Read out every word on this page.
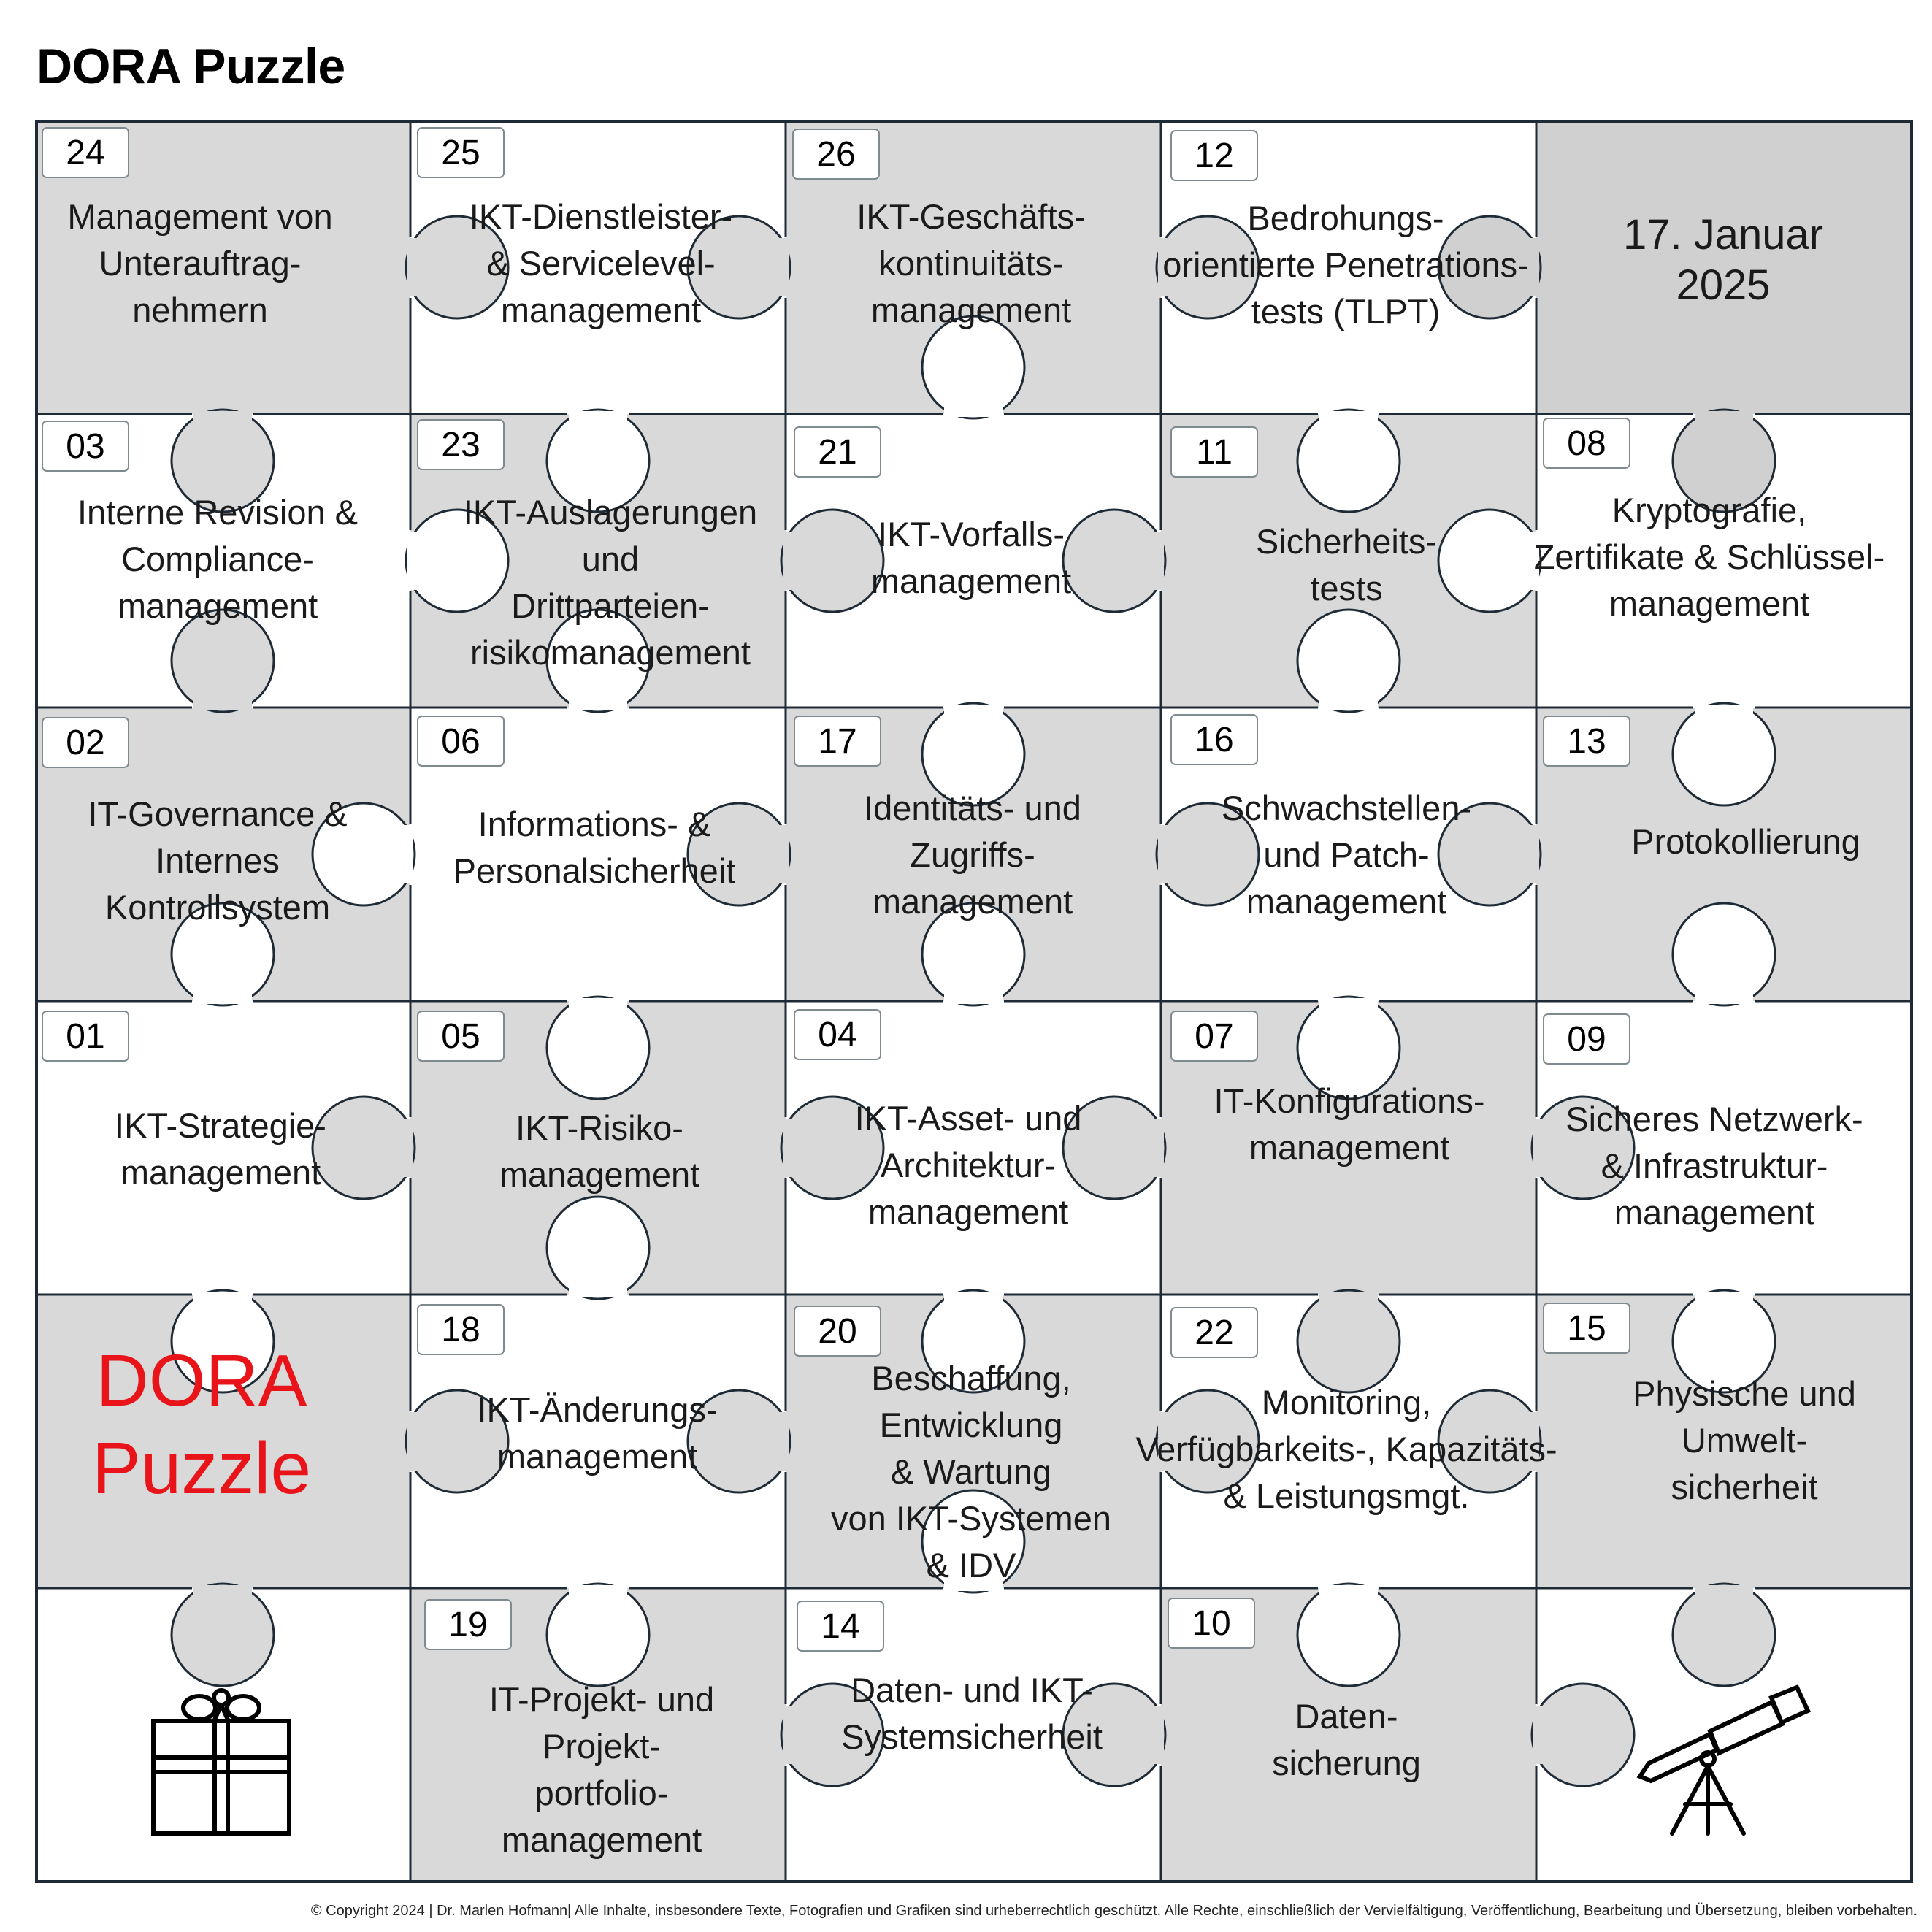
DORA Puzzle
24
Management von
Unterauftrag-
nehmern
25
IKT-Dienstleister-
& Servicelevel-
management
26
IKT-Geschäfts-
kontinuitäts-
management
12
Bedrohungs-
orientierte Penetrations-
tests (TLPT)
03
Interne Revision &
Compliance-
management
23
IKT-Auslagerungen
und
Drittparteien-
risikomanagement
21
IKT-Vorfalls-
management
11
Sicherheits-
tests
08
Kryptografie,
Zertifikate & Schlüssel-
management
02
IT-Governance &
Internes
Kontrollsystem
06
Informations- &
Personalsicherheit
17
Identitäts- und
Zugriffs-
management
16
Schwachstellen-
und Patch-
management
13
Protokollierung
01
IKT-Strategie-
management
05
IKT-Risiko-
management
04
IKT-Asset- und
Architektur-
management
07
IT-Konfigurations-
management
09
Sicheres Netzwerk-
& Infrastruktur-
management
18
IKT-Änderungs-
management
20
Beschaffung,
Entwicklung
& Wartung
von IKT-Systemen
& IDV
22
Monitoring,
Verfügbarkeits-, Kapazitäts-
& Leistungsmgt.
15
Physische und
Umwelt-
sicherheit
19
IT-Projekt- und
Projekt-
portfolio-
management
14
Daten- und IKT-
Systemsicherheit
10
Daten-
sicherung
17. Januar
2025
DORA
Puzzle
© Copyright 2024 | Dr. Marlen Hofmann| Alle Inhalte, insbesondere Texte, Fotografien und Grafiken sind urheberrechtlich geschützt. Alle Rechte, einschließlich der Vervielfältigung, Veröffentlichung, Bearbeitung und Übersetzung, bleiben vorbehalten.
